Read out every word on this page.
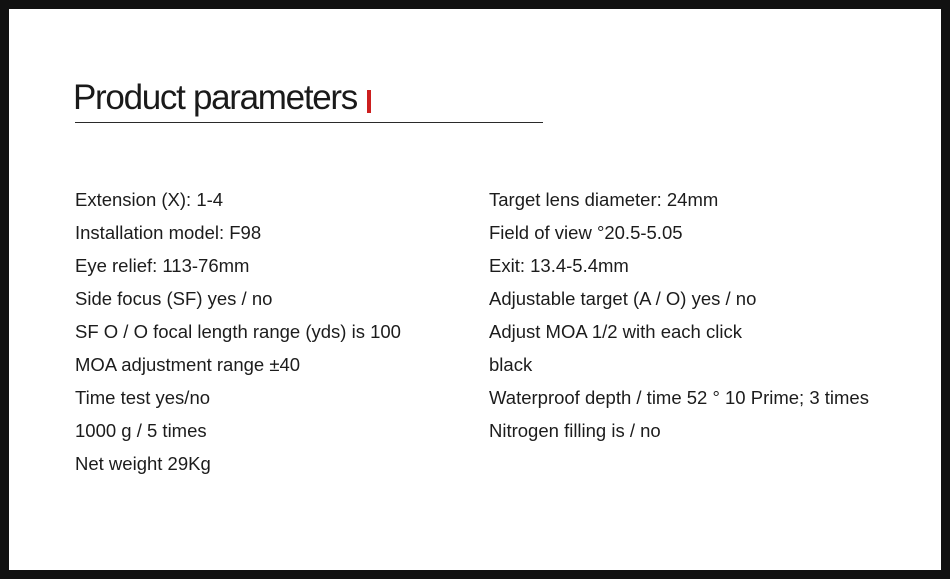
Product parameters
Extension (X): 1-4
Installation model: F98
Eye relief: 113-76mm
Side focus (SF) yes / no
SF O / O focal length range (yds) is 100
MOA adjustment range ±40
Time test yes/no
1000 g / 5 times
Net weight 29Kg
Target lens diameter: 24mm
Field of view °20.5-5.05
Exit: 13.4-5.4mm
Adjustable target (A / O) yes / no
Adjust MOA 1/2 with each click
black
Waterproof depth / time 52 ° 10 Prime; 3 times
Nitrogen filling is / no
